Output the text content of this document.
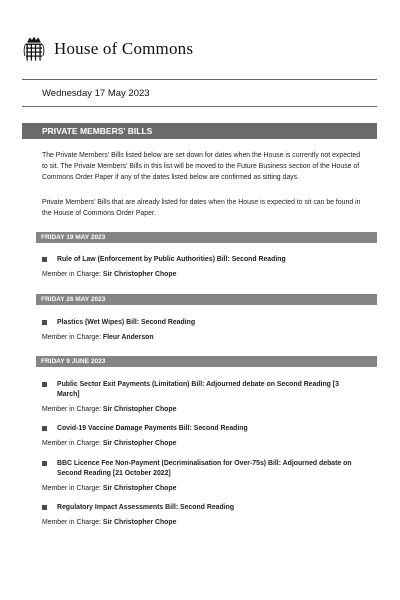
House of Commons
Wednesday 17 May 2023
PRIVATE MEMBERS' BILLS

The Private Members' Bills listed below are set down for dates when the House is currently not expected to sit. The Private Members' Bills in this list will be moved to the Future Business section of the House of Commons Order Paper if any of the dates listed below are confirmed as sitting days.

Private Members' Bills that are already listed for dates when the House is expected to sit can be found in the House of Commons Order Paper.

FRIDAY 19 MAY 2023
Rule of Law (Enforcement by Public Authorities) Bill: Second Reading
Member in Charge: Sir Christopher Chope
FRIDAY 26 MAY 2023
Plastics (Wet Wipes) Bill: Second Reading
Member in Charge: Fleur Anderson
FRIDAY 9 JUNE 2023
Public Sector Exit Payments (Limitation) Bill: Adjourned debate on Second Reading [3 March]
Member in Charge: Sir Christopher Chope
Covid-19 Vaccine Damage Payments Bill: Second Reading
Member in Charge: Sir Christopher Chope
BBC Licence Fee Non-Payment (Decriminalisation for Over-75s) Bill: Adjourned debate on Second Reading [21 October 2022]
Member in Charge: Sir Christopher Chope
Regulatory Impact Assessments Bill: Second Reading
Member in Charge: Sir Christopher Chope
